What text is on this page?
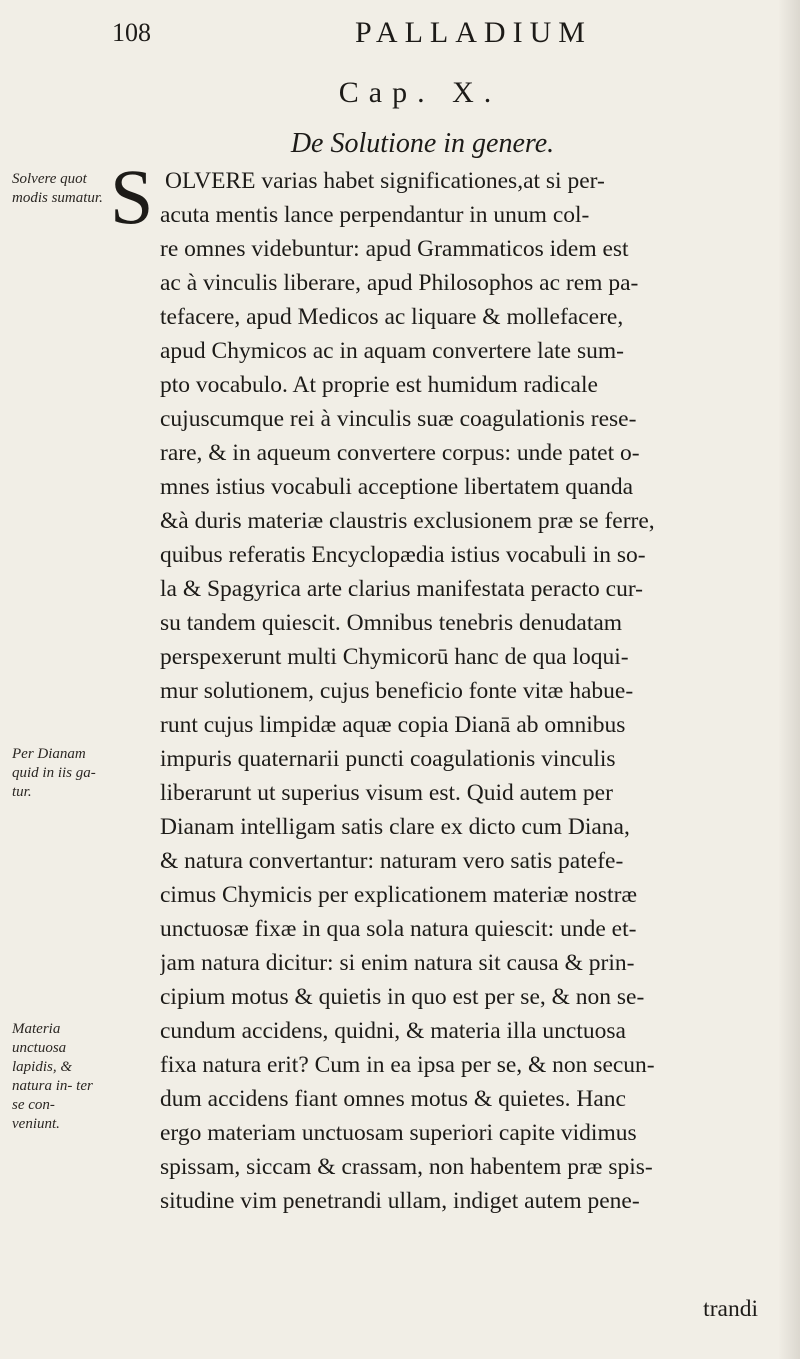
108	PALLADIUM
Cap. X.
De Solutione in genere.
Solvere quot modis sumatur.
Per Dianam quid in iis ga- tur.
Materia unctuosa lapidis, & natura in- ter se con- veniunt.
S OLVERE varias habet significationes,at si per-
acuta mentis lance perpendantur in unum col-
re omnes videbuntur: apud Grammaticos idem est
ac à vinculis liberare, apud Philosophos ac rem pa-
tefacere, apud Medicos ac liquare & mollefacere,
apud Chymicos ac in aquam convertere late sum-
pto vocabulo. At proprie est humidum radicale
cujuscumque rei à vinculis suæ coagulationis rese-
rare, & in aqueum convertere corpus: unde patet o-
mnes istius vocabuli acceptione libertatem quanda
&à duris materiæ claustris exclusionem præ se ferre,
quibus referatis Encyclopædia istius vocabuli in so-
la & Spagyrica arte clarius manifestata peracto cur-
su tandem quiescit. Omnibus tenebris denudatam
perspexerunt multi Chymicorū hanc de qua loqui-
mur solutionem, cujus beneficio fonte vitæ habue-
runt cujus limpidæ aquæ copia Dianā ab omnibus
impuris quaternarii puncti coagulationis vinculis
liberarunt ut superius visum est. Quid autem per
Dianam intelligam satis clare ex dicto cum Diana,
& natura convertantur: naturam vero satis patefe-
cimus Chymicis per explicationem materiæ nostræ
unctuosæ fixæ in qua sola natura quiescit: unde et-
jam natura dicitur: si enim natura sit causa & prin-
cipium motus & quietis in quo est per se, & non se-
cundum accidens, quidni, & materia illa unctuosa
fixa natura erit? Cum in ea ipsa per se, & non secun-
dum accidens fiant omnes motus & quietes. Hanc
ergo materiam unctuosam superiori capite vidimus
spissam, siccam & crassam, non habentem præ spis-
situdine vim penetrandi ullam, indiget autem pene-
trandi
